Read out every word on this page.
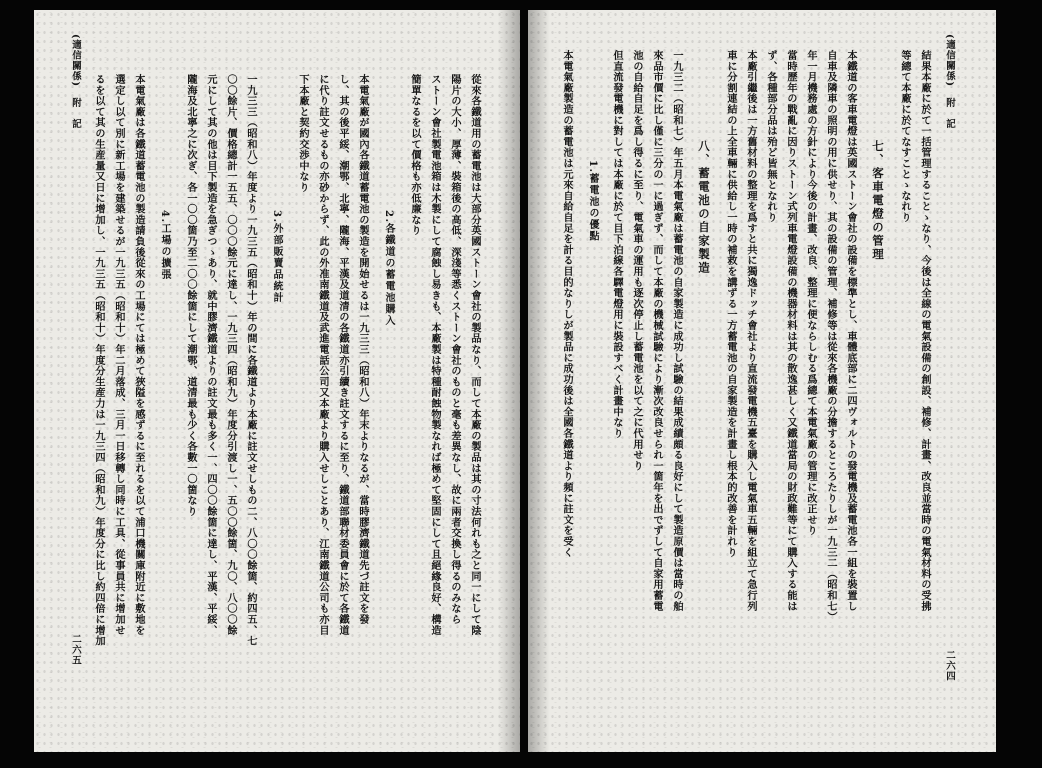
從來各鐵道用の蓄電池は大部分英國ストーン會社の製品なり、而して本廠の製品は其の寸法何れも之と同一にして陰
陽片の大小、厚薄、裝箱後の高低、深淺等悉くストーン會社のものと毫も差異なし、故に兩者交換し得るのみなら
ストーン會社製電池箱は木製にして腐蝕し易きも、本廠製は特種耐蝕物製なれば極めて堅固にして且絕緣良好、構造
簡單なるを以て價格も亦低廉なり
2.各鐵道の蓄電池購入
本電氣廠が國內各鐵道蓄電池の製造を開始せるは一九三三（昭和八）年末よりなるが、當時膠濟鐵道先づ註文を發
し、其の後平綏、潮鄂、北寧、隴海、平漢及道清の各鐵道亦引續き註文するに至り、鐵道部聯材委員會に於て各鐵道
に代り註文せるもの亦砂からず、此の外准南鐵道及武進電話公司又本廠より購入せしことあり、江南鐵道公司も亦目
下本廠と契約交渉中なり
3.外部販賣品統計
一九三三（昭和八）年度より一九三五（昭和十）年の間に各鐵道より本廠に註文せしもの二、八〇〇餘箇、約四五、七
〇〇餘片、價格總計一五五、〇〇〇餘元に達し、一九三四（昭和九）年度分引渡し一、五〇〇餘箇、九〇、八〇〇餘
元にして其の他は目下製造を急ぎつゝあり、就中膠濟鐵道よりの註文最も多く一、四〇〇餘箇に達し、平漢、平綏、
隴海及北寧之に次ぎ、各一〇〇箇乃至二〇〇餘箇にして潮鄂、道清最も少く各數一〇箇なり
4.工場の擴張
本電氣廠は各鐵道蓄電池の製造請負後從來の工場にては極めて狹隘を感ずるに至れるを以て浦口機關庫附近に敷地を
選定し以て別に新工場を建築せるが一九三五（昭和十）年二月落成、三月一日移轉し同時に工具、從事員共に增加せ
るを以て其の生産量又日に增加し、一九三五（昭和十）年度分生産力は一九三四（昭和九）年度分に比し約四倍に增加
(適信關係)　附　記
二六五
(適信關係)　附　記
二六四
結果本廠に於て一括管理することゝなり、今後は全線の電氣設備の創設、補修、計畫、改良並當時の電氣材料の受拂
等總て本廠に於てなすことゝなれり
七、客車電燈の管理
本鐵道の客車電燈は英國ストーン會社の設備を標準とし、車體底部に二四ヴォルトの發電機及蓄電池各一組を裝置し
自車及隣車の照明の用に供せり、其の設備の管理、補修等は從來各機廠の分擔するところたりしが一九三二（昭和七）
年一月機務處の方針により今後の計畫、改良、整理に便ならしむる爲總て本電氣廠の管理に改正せり
當時歷年の戰亂に因りストーン式列車電燈設備の機器材料は其の散逸甚しく又鐵道當局の財政難等にて購入する能は
ず、各種部分品は殆ど皆無となれり
本廠引繼後は一方舊材料の整理を爲すと共に獨逸ドッチ會社より直流發電機五臺を購入し電氣車五輛を組立て急行列
車に分割連結の上全車輛に供給し一時の補救を講ずる一方蓄電池の自家製造を計畫し根本的改善を計れり
八、蓄電池の自家製造
一九三二（昭和七）年五月本電氣廠は蓄電池の自家製造に成功し試驗の結果成績頗る良好にして製造原價は當時の舶
來品市價に比し僅に三分の一に過ぎず、而して本廠の機械試驗により漸次改良せられ一箇年を出でずして自家用蓄電
池の自給自足を爲し得るに至り、電氣車の運用も逐次停止し蓄電池を以て之に代用せり
但直流發電機に對しては本廠に於て目下泊線各驛電燈用に裝設すべく計畫中なり
1.蓄電池の優點
本電氣廠製造の蓄電池は元來自給自足を計る目的なりしが製品に成功後は全國各鐵道より頻に註文を受く
